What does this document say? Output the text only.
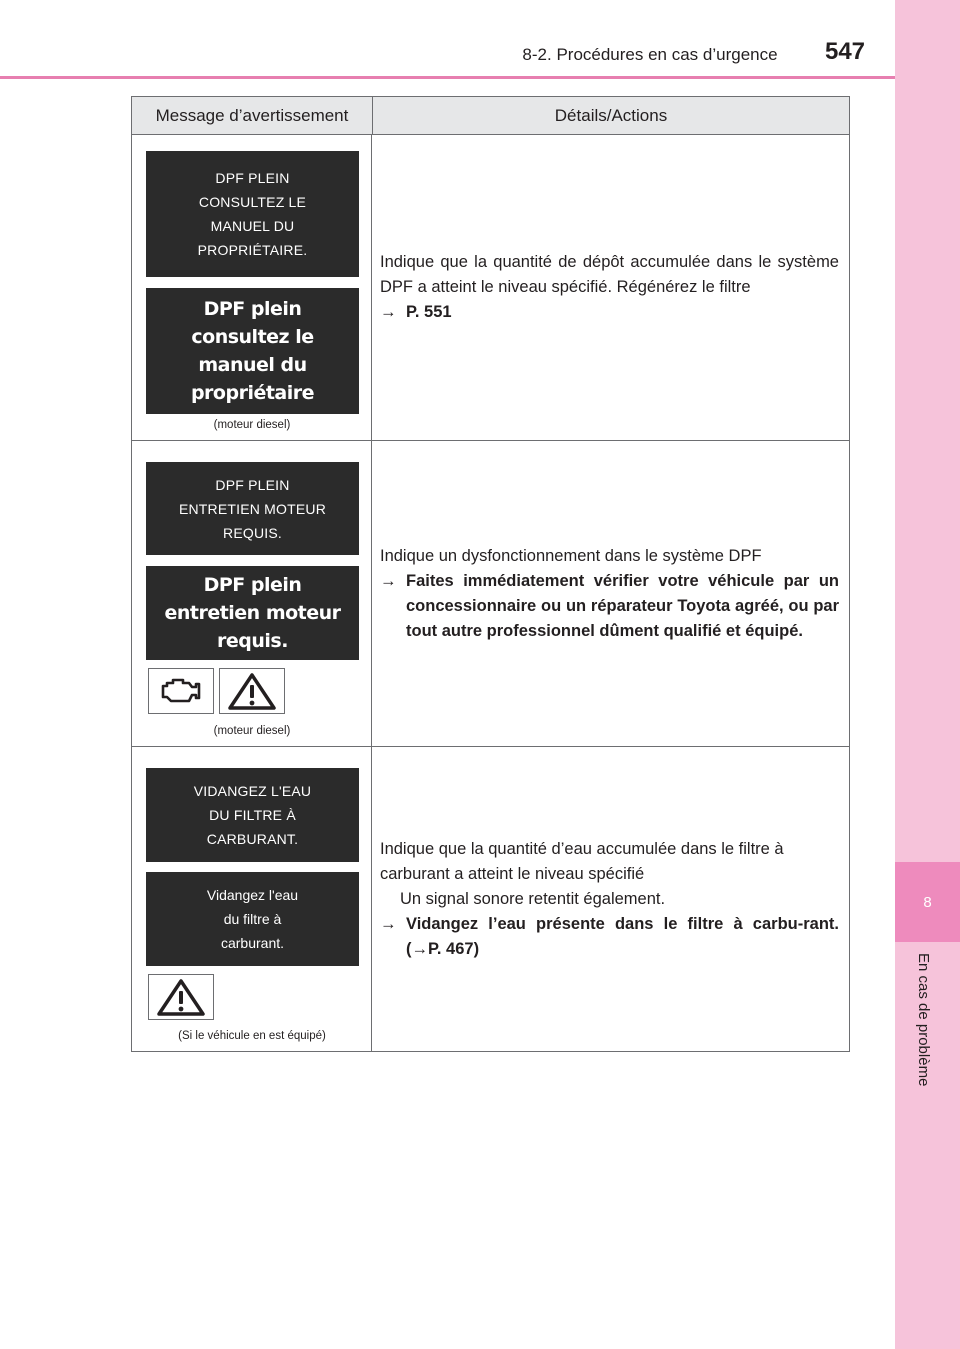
8-2. Procédures en cas d’urgence	547
8
En cas de problème
Message d’avertissement	Détails/Actions
DPF PLEIN
CONSULTEZ LE
MANUEL DU
PROPRIÉTAIRE.
DPF plein
consultez le
manuel du
propriétaire
(moteur diesel)
Indique que la quantité de dépôt accumulée dans le système DPF a atteint le niveau spécifié. Régénérez le filtre
→ P. 551
DPF PLEIN
ENTRETIEN MOTEUR
REQUIS.
DPF plein
entretien moteur
requis.
(moteur diesel)
Indique un dysfonctionnement dans le système DPF
→ Faites immédiatement vérifier votre véhicule par un concessionnaire ou un réparateur Toyota agréé, ou par tout autre professionnel dûment qualifié et équipé.
VIDANGEZ L'EAU
DU FILTRE À
CARBURANT.
Vidangez l'eau
du filtre à
carburant.
(Si le véhicule en est équipé)
Indique que la quantité d’eau accumulée dans le filtre à carburant a atteint le niveau spécifié
Un signal sonore retentit également.
→ Vidangez l’eau présente dans le filtre à carbu-rant. (→P. 467)
